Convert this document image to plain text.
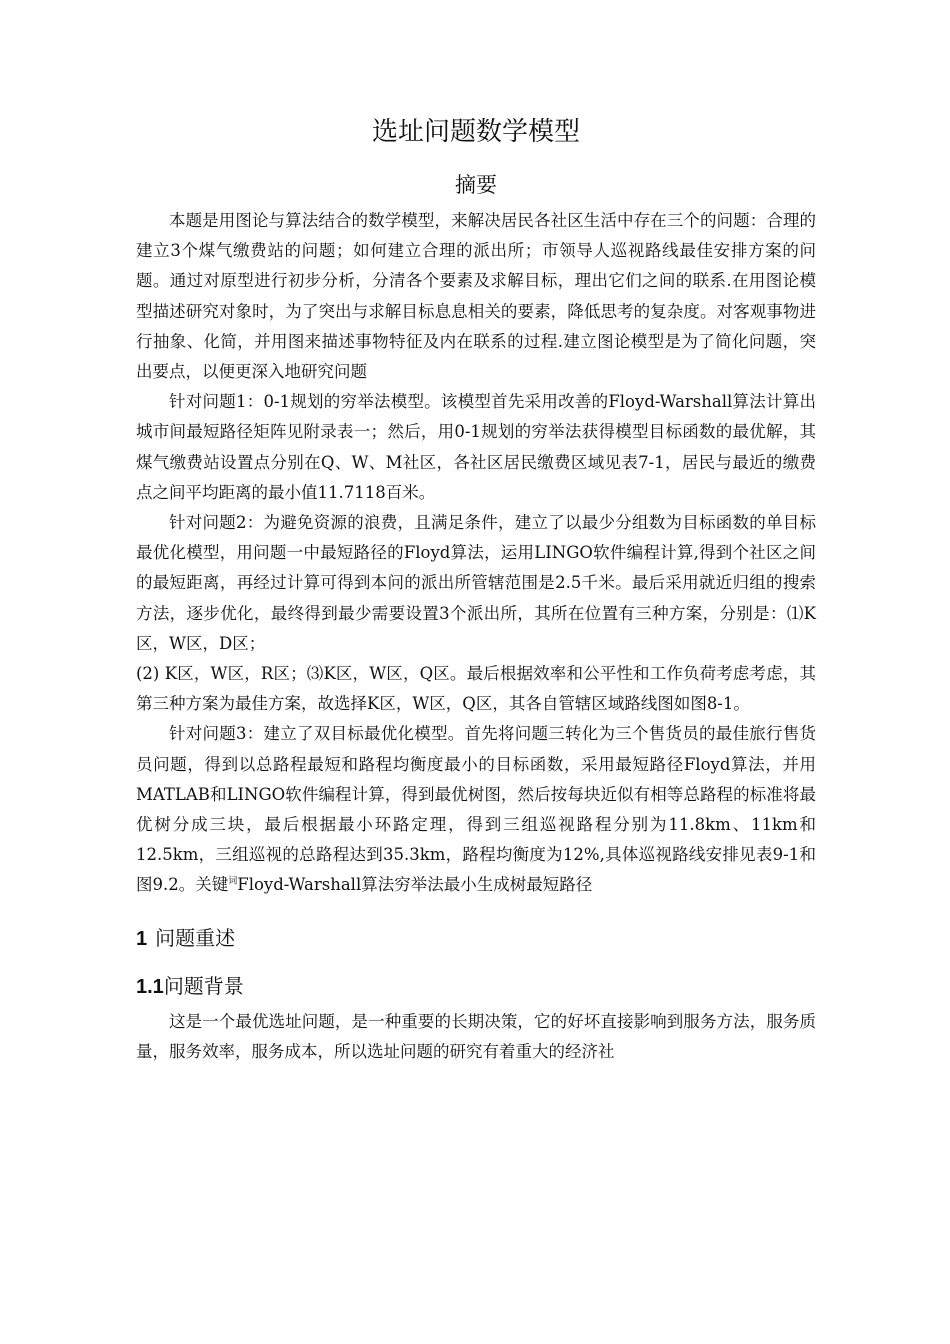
选址问题数学模型
摘要

本题是用图论与算法结合的数学模型，来解决居民各社区生活中存在三个的问题：合理的建立3个煤气缴费站的问题；如何建立合理的派出所；市领导人巡视路线最佳安排方案的问题。通过对原型进行初步分析，分清各个要素及求解目标，理出它们之间的联系.在用图论模型描述研究对象时，为了突出与求解目标息息相关的要素，降低思考的复杂度。对客观事物进行抽象、化简，并用图来描述事物特征及内在联系的过程.建立图论模型是为了简化问题，突出要点，以便更深入地研究问题

针对问题1：0-1规划的穷举法模型。该模型首先采用改善的Floyd-Warshall算法计算出城市间最短路径矩阵见附录表一；然后，用0-1规划的穷举法获得模型目标函数的最优解，其煤气缴费站设置点分别在Q、W、M社区，各社区居民缴费区域见表7-1，居民与最近的缴费点之间平均距离的最小值11.7118百米。

针对问题2：为避免资源的浪费，且满足条件，建立了以最少分组数为目标函数的单目标最优化模型，用问题一中最短路径的Floyd算法，运用LINGO软件编程计算,得到个社区之间的最短距离，再经过计算可得到本问的派出所管辖范围是2.5千米。最后采用就近归组的搜索方法，逐步优化，最终得到最少需要设置3个派出所，其所在位置有三种方案，分别是：⑴K区，W区，D区；

(2) K区，W区，R区；⑶K区，W区，Q区。最后根据效率和公平性和工作负荷考虑考虑，其第三种方案为最佳方案，故选择K区，W区，Q区，其各自管辖区域路线图如图8-1。

针对问题3：建立了双目标最优化模型。首先将问题三转化为三个售货员的最佳旅行售货员问题，得到以总路程最短和路程均衡度最小的目标函数，采用最短路径Floyd算法，并用MATLAB和LINGO软件编程计算，得到最优树图，然后按每块近似有相等总路程的标准将最优树分成三块，最后根据最小环路定理，得到三组巡视路程分别为11.8km、11km和12.5km，三组巡视的总路程达到35.3km，路程均衡度为12%,具体巡视路线安排见表9-1和图9.2。关键$^词$Floyd-Warshall算法穷举法最小生成树最短路径

1 问题重述
1.1问题背景

这是一个最优选址问题，是一种重要的长期决策，它的好坏直接影响到服务方法，服务质量，服务效率，服务成本，所以选址问题的研究有着重大的经济社
